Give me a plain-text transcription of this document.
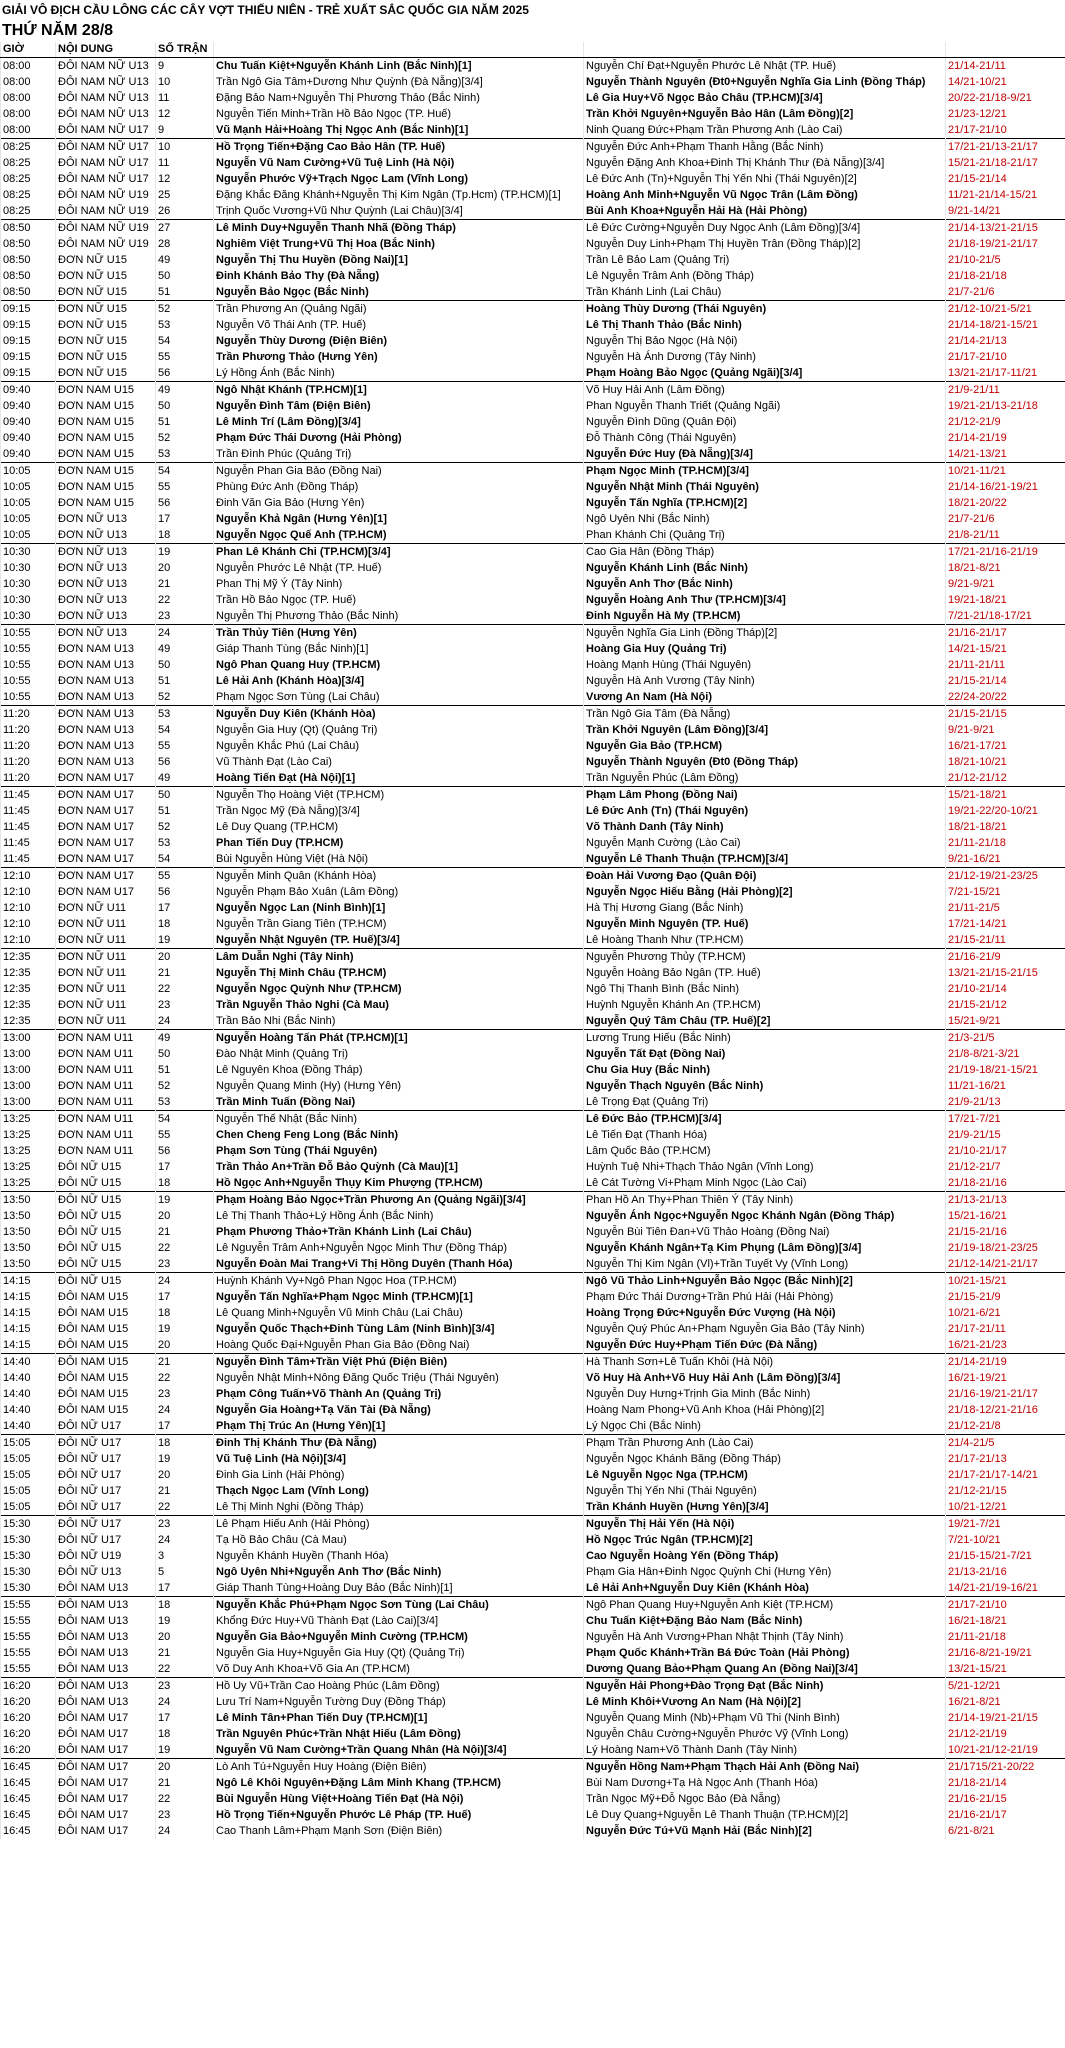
GIẢI VÔ ĐỊCH CẦU LÔNG CÁC CÂY VỢT THIẾU NIÊN - TRẺ XUẤT SẮC QUỐC GIA NĂM 2025
THỨ NĂM 28/8
GIỜ	NỘI DUNG	SỐ TRẬN			
08:00	ĐÔI NAM NỮ U13	9	Chu Tuấn Kiệt+Nguyễn Khánh Linh (Bắc Ninh)[1]	Nguyễn Chí Đạt+Nguyễn Phước Lê Nhật (TP. Huế)	21/14-21/11
08:00	ĐÔI NAM NỮ U13	10	Trần Ngô Gia Tâm+Dương Như Quỳnh (Đà Nẵng)[3/4]	Nguyễn Thành Nguyên (Đt0+Nguyễn Nghĩa Gia Linh (Đồng Tháp)	14/21-10/21
08:00	ĐÔI NAM NỮ U13	11	Đặng Bảo Nam+Nguyễn Thị Phương Thảo (Bắc Ninh)	Lê Gia Huy+Võ Ngọc Bảo Châu (TP.HCM)[3/4]	20/22-21/18-9/21
08:00	ĐÔI NAM NỮ U13	12	Nguyễn Tiến Minh+Trần Hồ Bảo Ngọc (TP. Huế)	Trần Khởi Nguyên+Nguyễn Bảo Hân (Lâm Đồng)[2]	21/23-12/21
08:00	ĐÔI NAM NỮ U17	9	Vũ Mạnh Hải+Hoàng Thị Ngọc Anh (Bắc Ninh)[1]	Ninh Quang Đức+Phạm Trần Phương Anh (Lào Cai)	21/17-21/10
08:25	ĐÔI NAM NỮ U17	10	Hồ Trọng Tiến+Đặng Cao Bảo Hân (TP. Huế)	Nguyễn Đức Anh+Phạm Thanh Hằng (Bắc Ninh)	17/21-21/13-21/17
08:25	ĐÔI NAM NỮ U17	11	Nguyễn Vũ Nam Cường+Vũ Tuệ Linh (Hà Nội)	Nguyễn Đặng Anh Khoa+Đinh Thị Khánh Thư (Đà Nẵng)[3/4]	15/21-21/18-21/17
08:25	ĐÔI NAM NỮ U17	12	Nguyễn Phước Vỹ+Trạch Ngọc Lam (Vĩnh Long)	Lê Đức Anh (Tn)+Nguyễn Thị Yến Nhi (Thái Nguyên)[2]	21/15-21/14
08:25	ĐÔI NAM NỮ U19	25	Đặng Khắc Đăng Khánh+Nguyễn Thị Kim Ngân (Tp.Hcm) (TP.HCM)[1]	Hoàng Anh Minh+Nguyễn Vũ Ngọc Trân (Lâm Đồng)	11/21-21/14-15/21
08:25	ĐÔI NAM NỮ U19	26	Trịnh Quốc Vương+Vũ Như Quỳnh (Lai Châu)[3/4]	Bùi Anh Khoa+Nguyễn Hải Hà (Hải Phòng)	9/21-14/21
08:50	ĐÔI NAM NỮ U19	27	Lê Minh Duy+Nguyễn Thanh Nhã (Đồng Tháp)	Lê Đức Cường+Nguyễn Duy Ngọc Anh (Lâm Đồng)[3/4]	21/14-13/21-21/15
08:50	ĐÔI NAM NỮ U19	28	Nghiêm Việt Trung+Vũ Thị Hoa (Bắc Ninh)	Nguyễn Duy Linh+Phạm Thị Huyền Trân (Đồng Tháp)[2]	21/18-19/21-21/17
08:50	ĐƠN NỮ U15	49	Nguyễn Thị Thu Huyền (Đồng Nai)[1]	Trần Lê Bảo Lam (Quảng Trị)	21/10-21/5
08:50	ĐƠN NỮ U15	50	Đinh Khánh Bảo Thy (Đà Nẵng)	Lê Nguyễn Trâm Anh (Đồng Tháp)	21/18-21/18
08:50	ĐƠN NỮ U15	51	Nguyễn Bảo Ngọc (Bắc Ninh)	Trần Khánh Linh (Lai Châu)	21/7-21/6
09:15	ĐƠN NỮ U15	52	Trần Phương An (Quảng Ngãi)	Hoàng Thùy Dương (Thái Nguyên)	21/12-10/21-5/21
09:15	ĐƠN NỮ U15	53	Nguyễn Võ Thái Anh (TP. Huế)	Lê Thị Thanh Thảo (Bắc Ninh)	21/14-18/21-15/21
09:15	ĐƠN NỮ U15	54	Nguyễn Thùy Dương (Điện Biên)	Nguyễn Thị Bảo Ngọc (Hà Nội)	21/14-21/13
09:15	ĐƠN NỮ U15	55	Trần Phương Thảo (Hưng Yên)	Nguyễn Hà Ánh Dương (Tây Ninh)	21/17-21/10
09:15	ĐƠN NỮ U15	56	Lý Hồng Ánh (Bắc Ninh)	Phạm Hoàng Bảo Ngọc (Quảng Ngãi)[3/4]	13/21-21/17-11/21
09:40	ĐƠN NAM U15	49	Ngô Nhật Khánh (TP.HCM)[1]	Võ Huy Hải Anh (Lâm Đồng)	21/9-21/11
09:40	ĐƠN NAM U15	50	Nguyễn Đình Tâm (Điện Biên)	Phan Nguyễn Thanh Triết (Quảng Ngãi)	19/21-21/13-21/18
09:40	ĐƠN NAM U15	51	Lê Minh Trí (Lâm Đồng)[3/4]	Nguyễn Đình Dũng (Quân Đội)	21/12-21/9
09:40	ĐƠN NAM U15	52	Phạm Đức Thái Dương (Hải Phòng)	Đỗ Thành Công (Thái Nguyên)	21/14-21/19
09:40	ĐƠN NAM U15	53	Trần Đình Phúc (Quảng Trị)	Nguyễn Đức Huy (Đà Nẵng)[3/4]	14/21-13/21
10:05	ĐƠN NAM U15	54	Nguyễn Phan Gia Bảo (Đồng Nai)	Phạm Ngọc Minh (TP.HCM)[3/4]	10/21-11/21
10:05	ĐƠN NAM U15	55	Phùng Đức Anh (Đồng Tháp)	Nguyễn Nhật Minh (Thái Nguyên)	21/14-16/21-19/21
10:05	ĐƠN NAM U15	56	Đinh Văn Gia Bảo (Hưng Yên)	Nguyễn Tấn Nghĩa (TP.HCM)[2]	18/21-20/22
10:05	ĐƠN NỮ U13	17	Nguyễn Khả Ngân (Hưng Yên)[1]	Ngô Uyên Nhi (Bắc Ninh)	21/7-21/6
10:05	ĐƠN NỮ U13	18	Nguyễn Ngọc Quế Anh (TP.HCM)	Phan Khánh Chi (Quảng Trị)	21/8-21/11
10:30	ĐƠN NỮ U13	19	Phan Lê Khánh Chi (TP.HCM)[3/4]	Cao Gia Hân (Đồng Tháp)	17/21-21/16-21/19
10:30	ĐƠN NỮ U13	20	Nguyễn Phước Lê Nhật (TP. Huế)	Nguyễn Khánh Linh (Bắc Ninh)	18/21-8/21
10:30	ĐƠN NỮ U13	21	Phan Thị Mỹ Ý (Tây Ninh)	Nguyễn Anh Thơ (Bắc Ninh)	9/21-9/21
10:30	ĐƠN NỮ U13	22	Trần Hồ Bảo Ngọc (TP. Huế)	Nguyễn Hoàng Anh Thư (TP.HCM)[3/4]	19/21-18/21
10:30	ĐƠN NỮ U13	23	Nguyễn Thị Phương Thảo (Bắc Ninh)	Đinh Nguyễn Hà My (TP.HCM)	7/21-21/18-17/21
10:55	ĐƠN NỮ U13	24	Trần Thủy Tiên (Hưng Yên)	Nguyễn Nghĩa Gia Linh (Đồng Tháp)[2]	21/16-21/17
10:55	ĐƠN NAM U13	49	Giáp Thanh Tùng (Bắc Ninh)[1]	Hoàng Gia Huy (Quảng Trị)	14/21-15/21
10:55	ĐƠN NAM U13	50	Ngô Phan Quang Huy (TP.HCM)	Hoàng Mạnh Hùng (Thái Nguyên)	21/11-21/11
10:55	ĐƠN NAM U13	51	Lê Hải Anh (Khánh Hòa)[3/4]	Nguyễn Hà Anh Vương (Tây Ninh)	21/15-21/14
10:55	ĐƠN NAM U13	52	Phạm Ngọc Sơn Tùng (Lai Châu)	Vương An Nam (Hà Nội)	22/24-20/22
11:20	ĐƠN NAM U13	53	Nguyễn Duy Kiên (Khánh Hòa)	Trần Ngô Gia Tâm (Đà Nẵng)	21/15-21/15
11:20	ĐƠN NAM U13	54	Nguyễn Gia Huy (Qt) (Quảng Trị)	Trần Khởi Nguyên (Lâm Đồng)[3/4]	9/21-9/21
11:20	ĐƠN NAM U13	55	Nguyễn Khắc Phú (Lai Châu)	Nguyễn Gia Bảo (TP.HCM)	16/21-17/21
11:20	ĐƠN NAM U13	56	Vũ Thành Đạt (Lào Cai)	Nguyễn Thành Nguyên (Đt0 (Đồng Tháp)	18/21-10/21
11:20	ĐƠN NAM U17	49	Hoàng Tiến Đạt (Hà Nội)[1]	Trần Nguyễn Phúc (Lâm Đồng)	21/12-21/12
11:45	ĐƠN NAM U17	50	Nguyễn Thọ Hoàng Việt (TP.HCM)	Phạm Lâm Phong (Đồng Nai)	15/21-18/21
11:45	ĐƠN NAM U17	51	Trần Ngọc Mỹ (Đà Nẵng)[3/4]	Lê Đức Anh (Tn) (Thái Nguyên)	19/21-22/20-10/21
11:45	ĐƠN NAM U17	52	Lê Duy Quang (TP.HCM)	Võ Thành Danh (Tây Ninh)	18/21-18/21
11:45	ĐƠN NAM U17	53	Phan Tiến Duy (TP.HCM)	Nguyễn Mạnh Cường (Lào Cai)	21/11-21/18
11:45	ĐƠN NAM U17	54	Bùi Nguyễn Hùng Việt (Hà Nội)	Nguyễn Lê Thanh Thuận (TP.HCM)[3/4]	9/21-16/21
12:10	ĐƠN NAM U17	55	Nguyễn Minh Quân (Khánh Hòa)	Đoàn Hải Vương Đạo (Quân Đội)	21/12-19/21-23/25
12:10	ĐƠN NAM U17	56	Nguyễn Phạm Bảo Xuân (Lâm Đồng)	Nguyễn Ngọc Hiếu Bằng (Hải Phòng)[2]	7/21-15/21
12:10	ĐƠN NỮ U11	17	Nguyễn Ngọc Lan (Ninh Bình)[1]	Hà Thị Hương Giang (Bắc Ninh)	21/11-21/5
12:10	ĐƠN NỮ U11	18	Nguyễn Trần Giang Tiên (TP.HCM)	Nguyễn Minh Nguyên (TP. Huế)	17/21-14/21
12:10	ĐƠN NỮ U11	19	Nguyễn Nhật Nguyên (TP. Huế)[3/4]	Lê Hoàng Thanh Như (TP.HCM)	21/15-21/11
12:35	ĐƠN NỮ U11	20	Lâm Duẫn Nghi (Tây Ninh)	Nguyễn Phương Thủy (TP.HCM)	21/16-21/9
12:35	ĐƠN NỮ U11	21	Nguyễn Thị Minh Châu (TP.HCM)	Nguyễn Hoàng Bảo Ngân (TP. Huế)	13/21-21/15-21/15
12:35	ĐƠN NỮ U11	22	Nguyễn Ngọc Quỳnh Như (TP.HCM)	Ngô Thị Thanh Bình (Bắc Ninh)	21/10-21/14
12:35	ĐƠN NỮ U11	23	Trần Nguyễn Thảo Nghi (Cà Mau)	Huỳnh Nguyễn Khánh An (TP.HCM)	21/15-21/12
12:35	ĐƠN NỮ U11	24	Trần Bảo Nhi (Bắc Ninh)	Nguyễn Quý Tâm Châu (TP. Huế)[2]	15/21-9/21
13:00	ĐƠN NAM U11	49	Nguyễn Hoàng Tấn Phát (TP.HCM)[1]	Lương Trung Hiếu (Bắc Ninh)	21/3-21/5
13:00	ĐƠN NAM U11	50	Đào Nhật Minh (Quảng Trị)	Nguyễn Tất Đạt (Đồng Nai)	21/8-8/21-3/21
13:00	ĐƠN NAM U11	51	Lê Nguyên Khoa (Đồng Tháp)	Chu Gia Huy (Bắc Ninh)	21/19-18/21-15/21
13:00	ĐƠN NAM U11	52	Nguyễn Quang Minh (Hy) (Hưng Yên)	Nguyễn Thạch Nguyên (Bắc Ninh)	11/21-16/21
13:00	ĐƠN NAM U11	53	Trần Minh Tuấn (Đồng Nai)	Lê Trọng Đạt (Quảng Trị)	21/9-21/13
13:25	ĐƠN NAM U11	54	Nguyễn Thế Nhật (Bắc Ninh)	Lê Đức Bảo (TP.HCM)[3/4]	17/21-7/21
13:25	ĐƠN NAM U11	55	Chen Cheng Feng Long (Bắc Ninh)	Lê Tiến Đạt (Thanh Hóa)	21/9-21/15
13:25	ĐƠN NAM U11	56	Phạm Sơn Tùng (Thái Nguyên)	Lâm Quốc Bảo (TP.HCM)	21/10-21/17
13:25	ĐÔI NỮ U15	17	Trần Thảo An+Trần Đỗ Bảo Quỳnh (Cà Mau)[1]	Huỳnh Tuệ Nhi+Thạch Thảo Ngân (Vĩnh Long)	21/12-21/7
13:25	ĐÔI NỮ U15	18	Hồ Ngọc Anh+Nguyễn Thụy Kim Phượng (TP.HCM)	Lê Cát Tường Vi+Phạm Minh Ngọc (Lào Cai)	21/18-21/16
13:50	ĐÔI NỮ U15	19	Phạm Hoàng Bảo Ngọc+Trần Phương An (Quảng Ngãi)[3/4]	Phan Hồ An Thy+Phan Thiên Ý (Tây Ninh)	21/13-21/13
13:50	ĐÔI NỮ U15	20	Lê Thị Thanh Thảo+Lý Hồng Ánh (Bắc Ninh)	Nguyễn Ánh Ngọc+Nguyễn Ngọc Khánh Ngân (Đồng Tháp)	15/21-16/21
13:50	ĐÔI NỮ U15	21	Phạm Phương Thảo+Trần Khánh Linh (Lai Châu)	Nguyễn Bùi Tiên Đan+Vũ Thảo Hoàng (Đồng Nai)	21/15-21/16
13:50	ĐÔI NỮ U15	22	Lê Nguyễn Trâm Anh+Nguyễn Ngọc Minh Thư (Đồng Tháp)	Nguyễn Khánh Ngân+Tạ Kim Phụng (Lâm Đồng)[3/4]	21/19-18/21-23/25
13:50	ĐÔI NỮ U15	23	Nguyễn Đoàn Mai Trang+Vi Thị Hồng Duyên (Thanh Hóa)	Nguyễn Thị Kim Ngân (Vl)+Trần Tuyết Vy (Vĩnh Long)	21/12-14/21-21/17
14:15	ĐÔI NỮ U15	24	Huỳnh Khánh Vy+Ngô Phan Ngọc Hoa (TP.HCM)	Ngô Vũ Thảo Linh+Nguyễn Bảo Ngọc (Bắc Ninh)[2]	10/21-15/21
14:15	ĐÔI NAM U15	17	Nguyễn Tấn Nghĩa+Phạm Ngọc Minh (TP.HCM)[1]	Phạm Đức Thái Dương+Trần Phú Hải (Hải Phòng)	21/15-21/9
14:15	ĐÔI NAM U15	18	Lê Quang Minh+Nguyễn Vũ Minh Châu (Lai Châu)	Hoàng Trọng Đức+Nguyễn Đức Vượng (Hà Nội)	10/21-6/21
14:15	ĐÔI NAM U15	19	Nguyễn Quốc Thạch+Đinh Tùng Lâm (Ninh Bình)[3/4]	Nguyễn Quý Phúc An+Phạm Nguyễn Gia Bảo (Tây Ninh)	21/17-21/11
14:15	ĐÔI NAM U15	20	Hoàng Quốc Đại+Nguyễn Phan Gia Bảo (Đồng Nai)	Nguyễn Đức Huy+Phạm Tiến Đức (Đà Nẵng)	16/21-21/23
14:40	ĐÔI NAM U15	21	Nguyễn Đình Tâm+Trần Việt Phú (Điện Biên)	Hà Thanh Sơn+Lê Tuấn Khôi (Hà Nội)	21/14-21/19
14:40	ĐÔI NAM U15	22	Nguyễn Nhật Minh+Nông Đăng Quốc Triệu (Thái Nguyên)	Võ Huy Hà Anh+Võ Huy Hải Anh (Lâm Đồng)[3/4]	16/21-19/21
14:40	ĐÔI NAM U15	23	Phạm Công Tuấn+Võ Thành An (Quảng Trị)	Nguyễn Duy Hưng+Trịnh Gia Minh (Bắc Ninh)	21/16-19/21-21/17
14:40	ĐÔI NAM U15	24	Nguyễn Gia Hoàng+Tạ Văn Tài (Đà Nẵng)	Hoàng Nam Phong+Vũ Anh Khoa (Hải Phòng)[2]	21/18-12/21-21/16
14:40	ĐÔI NỮ U17	17	Phạm Thị Trúc An (Hưng Yên)[1]	Lý Ngọc Chi (Bắc Ninh)	21/12-21/8
15:05	ĐÔI NỮ U17	18	Đinh Thị Khánh Thư (Đà Nẵng)	Phạm Trần Phương Anh (Lào Cai)	21/4-21/5
15:05	ĐÔI NỮ U17	19	Vũ Tuệ Linh (Hà Nội)[3/4]	Nguyễn Ngọc Khánh Băng (Đồng Tháp)	21/17-21/13
15:05	ĐÔI NỮ U17	20	Đinh Gia Linh (Hải Phòng)	Lê Nguyễn Ngọc Nga (TP.HCM)	21/17-21/17-14/21
15:05	ĐÔI NỮ U17	21	Thạch Ngọc Lam (Vĩnh Long)	Nguyễn Thị Yến Nhi (Thái Nguyên)	21/12-21/15
15:05	ĐÔI NỮ U17	22	Lê Thị Minh Nghi (Đồng Tháp)	Trần Khánh Huyền (Hưng Yên)[3/4]	10/21-12/21
15:30	ĐÔI NỮ U17	23	Lê Phạm Hiếu Anh (Hải Phòng)	Nguyễn Thị Hải Yến (Hà Nội)	19/21-7/21
15:30	ĐÔI NỮ U17	24	Tạ Hồ Bảo Châu (Cà Mau)	Hồ Ngọc Trúc Ngân (TP.HCM)[2]	7/21-10/21
15:30	ĐÔI NỮ U19	3	Nguyễn Khánh Huyền (Thanh Hóa)	Cao Nguyễn Hoàng Yến (Đồng Tháp)	21/15-15/21-7/21
15:30	ĐÔI NỮ U13	5	Ngô Uyên Nhi+Nguyễn Anh Thơ (Bắc Ninh)	Phạm Gia Hân+Đinh Ngọc Quỳnh Chi (Hưng Yên)	21/13-21/16
15:30	ĐÔI NAM U13	17	Giáp Thanh Tùng+Hoàng Duy Bảo (Bắc Ninh)[1]	Lê Hải Anh+Nguyễn Duy Kiên (Khánh Hòa)	14/21-21/19-16/21
15:55	ĐÔI NAM U13	18	Nguyễn Khắc Phú+Phạm Ngọc Sơn Tùng (Lai Châu)	Ngô Phan Quang Huy+Nguyễn Anh Kiệt (TP.HCM)	21/17-21/10
15:55	ĐÔI NAM U13	19	Khổng Đức Huy+Vũ Thành Đạt (Lào Cai)[3/4]	Chu Tuấn Kiệt+Đặng Bảo Nam (Bắc Ninh)	16/21-18/21
15:55	ĐÔI NAM U13	20	Nguyễn Gia Bảo+Nguyễn Minh Cường (TP.HCM)	Nguyễn Hà Anh Vương+Phan Nhật Thịnh (Tây Ninh)	21/11-21/18
15:55	ĐÔI NAM U13	21	Nguyễn Gia Huy+Nguyễn Gia Huy (Qt) (Quảng Trị)	Phạm Quốc Khánh+Trần Bá Đức Toàn (Hải Phòng)	21/16-8/21-19/21
15:55	ĐÔI NAM U13	22	Võ Duy Anh Khoa+Võ Gia An (TP.HCM)	Dương Quang Bảo+Phạm Quang An (Đồng Nai)[3/4]	13/21-15/21
16:20	ĐÔI NAM U13	23	Hồ Uy Vũ+Trần Cao Hoàng Phúc (Lâm Đồng)	Nguyễn Hải Phong+Đào Trọng Đạt (Bắc Ninh)	5/21-12/21
16:20	ĐÔI NAM U13	24	Lưu Trí Nam+Nguyễn Tường Duy (Đồng Tháp)	Lê Minh Khôi+Vương An Nam (Hà Nội)[2]	16/21-8/21
16:20	ĐÔI NAM U17	17	Lê Minh Tân+Phan Tiến Duy (TP.HCM)[1]	Nguyễn Quang Minh (Nb)+Phạm Vũ Thi (Ninh Bình)	21/14-19/21-21/15
16:20	ĐÔI NAM U17	18	Trần Nguyên Phúc+Trần Nhật Hiếu (Lâm Đồng)	Nguyễn Châu Cường+Nguyễn Phước Vỹ (Vĩnh Long)	21/12-21/19
16:20	ĐÔI NAM U17	19	Nguyễn Vũ Nam Cường+Trần Quang Nhân (Hà Nội)[3/4]	Lý Hoàng Nam+Võ Thành Danh (Tây Ninh)	10/21-21/12-21/19
16:45	ĐÔI NAM U17	20	Lò Anh Tú+Nguyễn Huy Hoàng (Điện Biên)	Nguyễn Hồng Nam+Phạm Thạch Hải Anh (Đồng Nai)	21/1715/21-20/22
16:45	ĐÔI NAM U17	21	Ngô Lê Khôi Nguyên+Đặng Lâm Minh Khang (TP.HCM)	Bùi Nam Dương+Tạ Hà Ngọc Anh (Thanh Hóa)	21/18-21/14
16:45	ĐÔI NAM U17	22	Bùi Nguyễn Hùng Việt+Hoàng Tiến Đạt (Hà Nội)	Trần Ngọc Mỹ+Đỗ Ngọc Bảo (Đà Nẵng)	21/16-21/15
16:45	ĐÔI NAM U17	23	Hồ Trọng Tiến+Nguyễn Phước Lê Pháp (TP. Huế)	Lê Duy Quang+Nguyễn Lê Thanh Thuận (TP.HCM)[2]	21/16-21/17
16:45	ĐÔI NAM U17	24	Cao Thanh Lâm+Phạm Mạnh Sơn (Điện Biên)	Nguyễn Đức Tú+Vũ Mạnh Hải (Bắc Ninh)[2]	6/21-8/21
